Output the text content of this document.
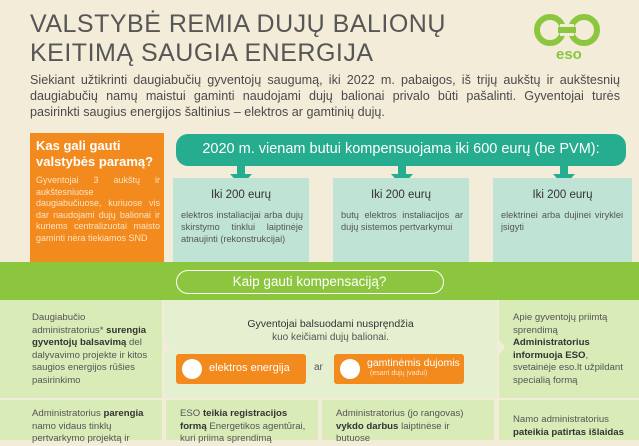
VALSTYBĖ REMIA DUJŲ BALIONŲ
KEITIMĄ SAUGIA ENERGIJA	eso
Siekiant užtikrinti daugiabučių gyventojų saugumą, iki 2022 m. pabaigos, iš trijų aukštų ir aukštesnių daugiabučių namų maistui gaminti naudojami dujų balionai privalo būti pašalinti. Gyventojai turės pasirinkti saugius energijos šaltinius – elektros ar gamtinių dujų.
Kas gali gauti valstybės paramą?
Gyventojai 3 aukštų ir aukštesniuose daugiabučiuose, kuriuose vis dar naudojami dujų balionai ir kuriems centralizuotai maisto gaminti nėra tiekiamos SND
2020 m. vienam butui kompensuojama iki 600 eurų (be PVM):
Iki 200 eurų
elektros instaliacijai arba dujų skirstymo tinklui laiptinėje atnaujinti (rekonstrukcijai)
Iki 200 eurų
butų elektros instaliacijos ar dujų sistemos pertvarkymui
Iki 200 eurų
elektrinei arba dujinei viryklei įsigyti
Kaip gauti kompensaciją?
Daugiabučio administratorius* surengia gyventojų balsavimą del dalyvavimo projekte ir kitos saugios energijos rūšies pasirinkimo
Gyventojai balsuodami nuspręndžia
kuo keičiami dujų balionai.
elektros energija ar	gamtinėmis dujomis
(esant dujų įvadui)
Apie gyventojų priimtą sprendimą Administratorius informuoja ESO, svetainėje eso.lt užpildant specialią formą
Administratorius parengia namo vidaus tinklų pertvarkymo projektą ir
ESO teikia registracijos formą Energetikos agentūrai, kuri priima sprendimą
Administratorius (jo rangovas) vykdo darbus laiptinėse ir butuose
Namo administratorius pateikia patirtas išlaidas
